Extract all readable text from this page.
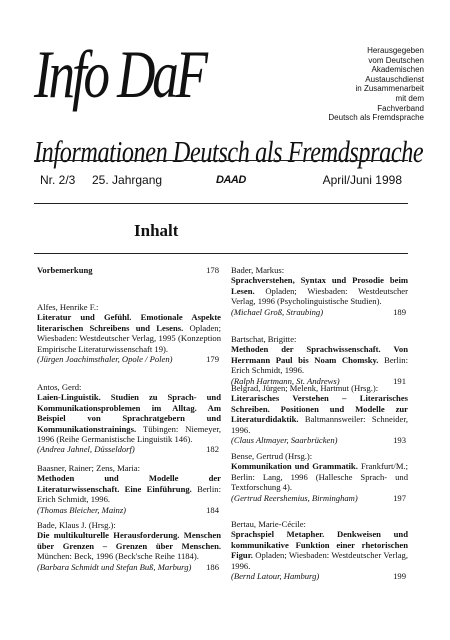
Info DaF	Herausgegeben
vom Deutschen
Akademischen
Austauschdienst
in Zusammenarbeit
mit dem
Fachverband
Deutsch als Fremdsprache
Informationen Deutsch als Fremdsprache
Nr. 2/3 25. Jahrgang	DAAD	April/Juni 1998
Inhalt
Vorbemerkung	178
Alfes, Henrike F.:
Literatur und Gefühl. Emotionale Aspekte literarischen Schreibens und Lesens. Opladen; Wiesbaden: Westdeutscher Verlag, 1995 (Konzeption Empirische Literaturwissenschaft 19).
(Jürgen Joachimsthaler, Opole / Polen)	179
Antos, Gerd:
Laien-Linguistik. Studien zu Sprach- und Kommunikationsproblemen im Alltag. Am Beispiel von Sprachratgebern und Kommunikationstrainings. Tübingen: Niemeyer, 1996 (Reihe Germanistische Linguistik 146).
(Andrea Jahnel, Düsseldorf)	182
Baasner, Rainer; Zens, Maria:
Methoden und Modelle der Literaturwissenschaft. Eine Einführung. Berlin: Erich Schmidt, 1996.
(Thomas Bleicher, Mainz)	184
Bade, Klaus J. (Hrsg.):
Die multikulturelle Herausforderung. Menschen über Grenzen – Grenzen über Menschen. München: Beck, 1996 (Beck'sche Reihe 1184).
(Barbara Schmidt und Stefan Buß, Marburg)	186
Bader, Markus:
Sprachverstehen, Syntax und Prosodie beim Lesen. Opladen; Wiesbaden: Westdeutscher Verlag, 1996 (Psycholinguistische Studien).
(Michael Groß, Straubing)	189
Bartschat, Brigitte:
Methoden der Sprachwissenschaft. Von Herrmann Paul bis Noam Chomsky. Berlin: Erich Schmidt, 1996.
(Ralph Hartmann, St. Andrews)	191
Belgrad, Jürgen; Melenk, Hartmut (Hrsg.):
Literarisches Verstehen – Literarisches Schreiben. Positionen und Modelle zur Literaturdidaktik. Baltmannsweiler: Schneider, 1996.
(Claus Altmayer, Saarbrücken)	193
Bense, Gertrud (Hrsg.):
Kommunikation und Grammatik. Frankfurt/M.; Berlin: Lang, 1996 (Hallesche Sprach- und Textforschung 4).
(Gertrud Reershemius, Birmingham)	197
Bertau, Marie-Cécile:
Sprachspiel Metapher. Denkweisen und kommunikative Funktion einer rhetorischen Figur. Opladen; Wiesbaden: Westdeutscher Verlag, 1996.
(Bernd Latour, Hamburg)	199
